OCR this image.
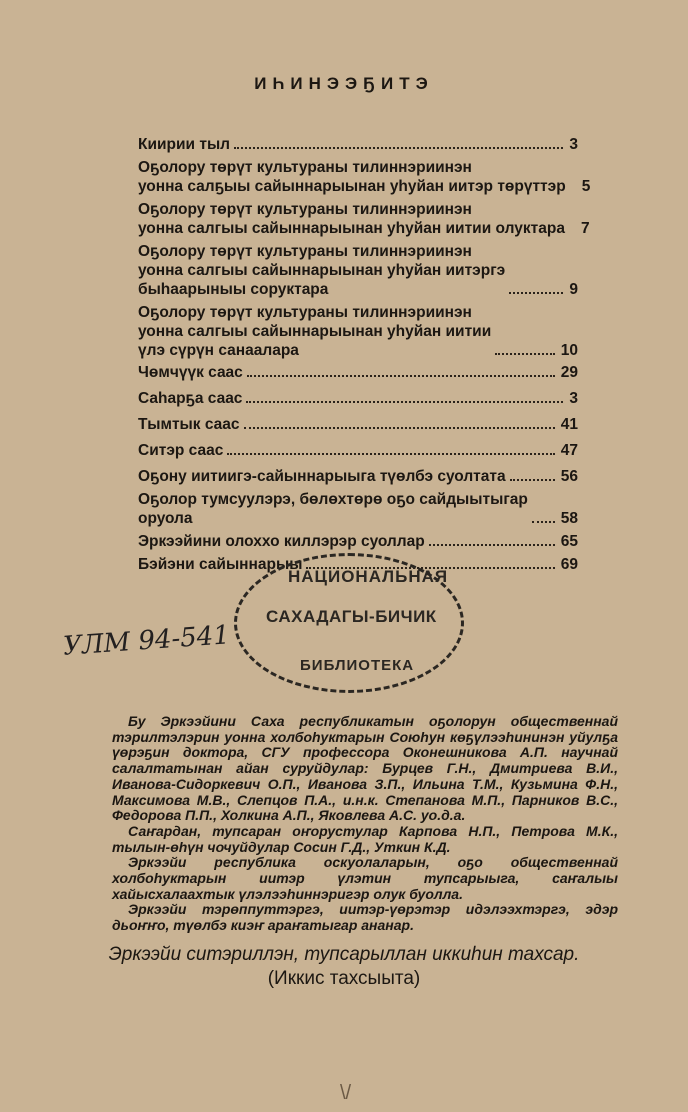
ИҺИНЭЭҔИТЭ
Киирии тыл	3
Оҕолору төрүт культураны тилиннэриинэн
уонна салҕыы сайыннарыынан уһуйан иитэр төрүттэр 5
Оҕолору төрүт культураны тилиннэриинэн
уонна салгыы сайыннарыынан уһуйан иитии олуктара 7
Оҕолору төрүт культураны тилиннэриинэн
уонна салгыы сайыннарыынан уһуйан иитэргэ
быһаарыныы соруктара	9
Оҕолору төрүт культураны тилиннэриинэн
уонна салгыы сайыннарыынан уһуйан иитии
үлэ сүрүн санаалара	10
Чөмчүүк саас	29
Саһарҕа саас	3
Тымтык саас	41
Ситэр саас	47
Оҕону иитиигэ-сайыннарыыга түөлбэ суолтата	56
Оҕолор тумсуулэрэ, бөлөхтөрө оҕо сайдыытыгар
оруола	58
Эркээйини олоххо киллэрэр суоллар	65
Бэйэни сайыннарыы	69
НАЦИОНАЛЬНАЯ
САХАДАГЫ-БИЧИК
БИБЛИОТЕКА
УЛМ 94-541

Бу Эркээйини Саха республикатын оҕолорун общественнай тэрилтэлэрин уонна холбоһуктарын Союһун көҕүлээһининэн уйулҕа үөрэҕин доктора, СГУ профессора Оконешникова А.П. научнай салалтатынан айан суруйдулар: Бурцев Г.Н., Дмитриева В.И., Иванова-Сидоркевич О.П., Иванова З.П., Ильина Т.М., Кузьмина Ф.Н., Максимова М.В., Слепцов П.А., и.н.к. Степанова М.П., Парников В.С., Федорова П.П., Холкина А.П., Яковлева А.С. уо.д.а.

Саҥардан, тупсаран оҥорустулар Карпова Н.П., Петрова М.К., тылын-өһүн чочуйдулар Сосин Г.Д., Уткин К.Д.

Эркээйи республика оскуолаларын, оҕо общественнай холбоһуктарын иитэр үлэтин тупсарыыга, саҥалыы хайысхалаахтык үлэлээһиннэригэр олук буолла.

Эркээйи тэрөппуттэргэ, иитэр-үөрэтэр идэлээхтэргэ, эдэр дьоҥҥо, түөлбэ киэҥ араҥатыгар ананар.

Эркээйи ситэриллэн, тупсарыллан иккиһин тахсар.
(Иккис тахсыыта)
\/
